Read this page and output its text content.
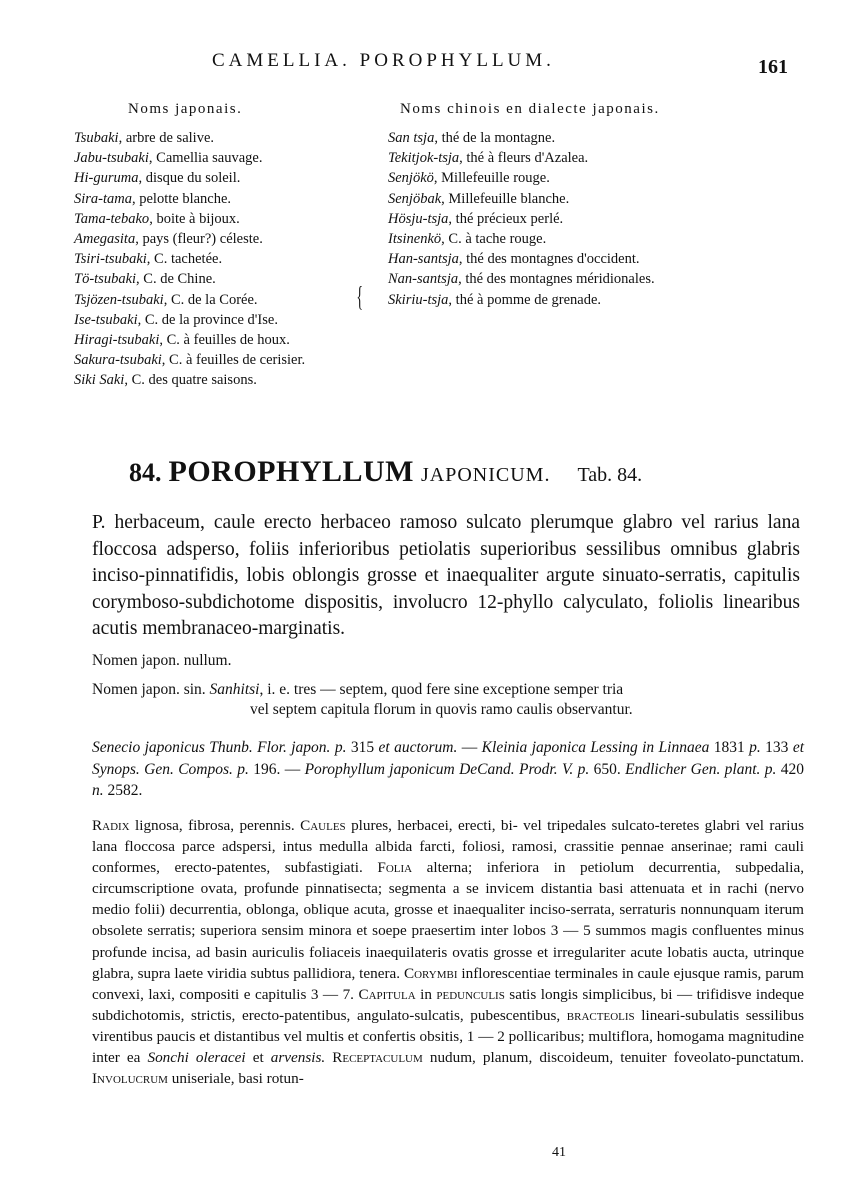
CAMELLIA. POROPHYLLUM.	161
Noms japonais.
Tsubaki, arbre de salive.
Jabu-tsubaki, Camellia sauvage.
Hi-guruma, disque du soleil.
Sira-tama, pelotte blanche.
Tama-tebako, boite à bijoux.
Amegasita, pays (fleur?) céleste.
Tsiri-tsubaki, C. tachetée.
Tö-tsubaki, C. de Chine.
Tsjözen-tsubaki, C. de la Corée.
Ise-tsubaki, C. de la province d'Ise.
Hiragi-tsubaki, C. à feuilles de houx.
Sakura-tsubaki, C. à feuilles de cerisier.
Siki Saki, C. des quatre saisons.
{
Noms chinois en dialecte japonais.
San tsja, thé de la montagne.
Tekitjok-tsja, thé à fleurs d'Azalea.
Senjökö, Millefeuille rouge.
Senjöbak, Millefeuille blanche.
Hösju-tsja, thé précieux perlé.
Itsinenkö, C. à tache rouge.
Han-santsja, thé des montagnes d'occident.
Nan-santsja, thé des montagnes méridionales.
Skiriu-tsja, thé à pomme de grenade.
84. POROPHYLLUM JAPONICUM. Tab. 84.

P. herbaceum, caule erecto herbaceo ramoso sulcato plerumque glabro vel rarius lana floccosa adsperso, foliis inferioribus petiolatis superioribus sessilibus omnibus glabris inciso-pinnatifidis, lobis oblongis grosse et inaequaliter argute sinuato-serratis, capitulis corymboso-subdichotome dispositis, involucro 12-phyllo calyculato, foliolis linearibus acutis membranaceo-marginatis.

Nomen japon. nullum.

Nomen japon. sin. Sanhitsi, i. e. tres — septem, quod fere sine exceptione semper tria

vel septem capitula florum in quovis ramo caulis observantur.

Senecio japonicus Thunb. Flor. japon. p. 315 et auctorum. — Kleinia japonica Lessing in Linnaea 1831 p. 133 et Synops. Gen. Compos. p. 196. — Porophyllum japonicum DeCand. Prodr. V. p. 650. Endlicher Gen. plant. p. 420 n. 2582.

Radix lignosa, fibrosa, perennis. Caules plures, herbacei, erecti, bi- vel tripedales sulcato-teretes glabri vel rarius lana floccosa parce adspersi, intus medulla albida farcti, foliosi, ramosi, crassitie pennae anserinae; rami cauli conformes, erecto-patentes, subfastigiati. Folia alterna; inferiora in petiolum decurrentia, subpedalia, circumscriptione ovata, profunde pinnatisecta; segmenta a se invicem distantia basi attenuata et in rachi (nervo medio folii) decurrentia, oblonga, oblique acuta, grosse et inaequaliter inciso-serrata, serraturis nonnunquam iterum obsolete serratis; superiora sensim minora et soepe praesertim inter lobos 3 — 5 summos magis confluentes minus profunde incisa, ad basin auriculis foliaceis inaequilateris ovatis grosse et irregulariter acute lobatis aucta, utrinque glabra, supra laete viridia subtus pallidiora, tenera. Corymbi inflorescentiae terminales in caule ejusque ramis, parum convexi, laxi, compositi e capitulis 3 — 7. Capitula in pedunculis satis longis simplicibus, bi — trifidisve indeque subdichotomis, strictis, erecto-patentibus, angulato-sulcatis, pubescentibus, bracteolis lineari-subulatis sessilibus virentibus paucis et distantibus vel multis et confertis obsitis, 1 — 2 pollicaribus; multiflora, homogama magnitudine inter ea Sonchi oleracei et arvensis. Receptaculum nudum, planum, discoideum, tenuiter foveolato-punctatum. Involucrum uniseriale, basi rotun-

41
